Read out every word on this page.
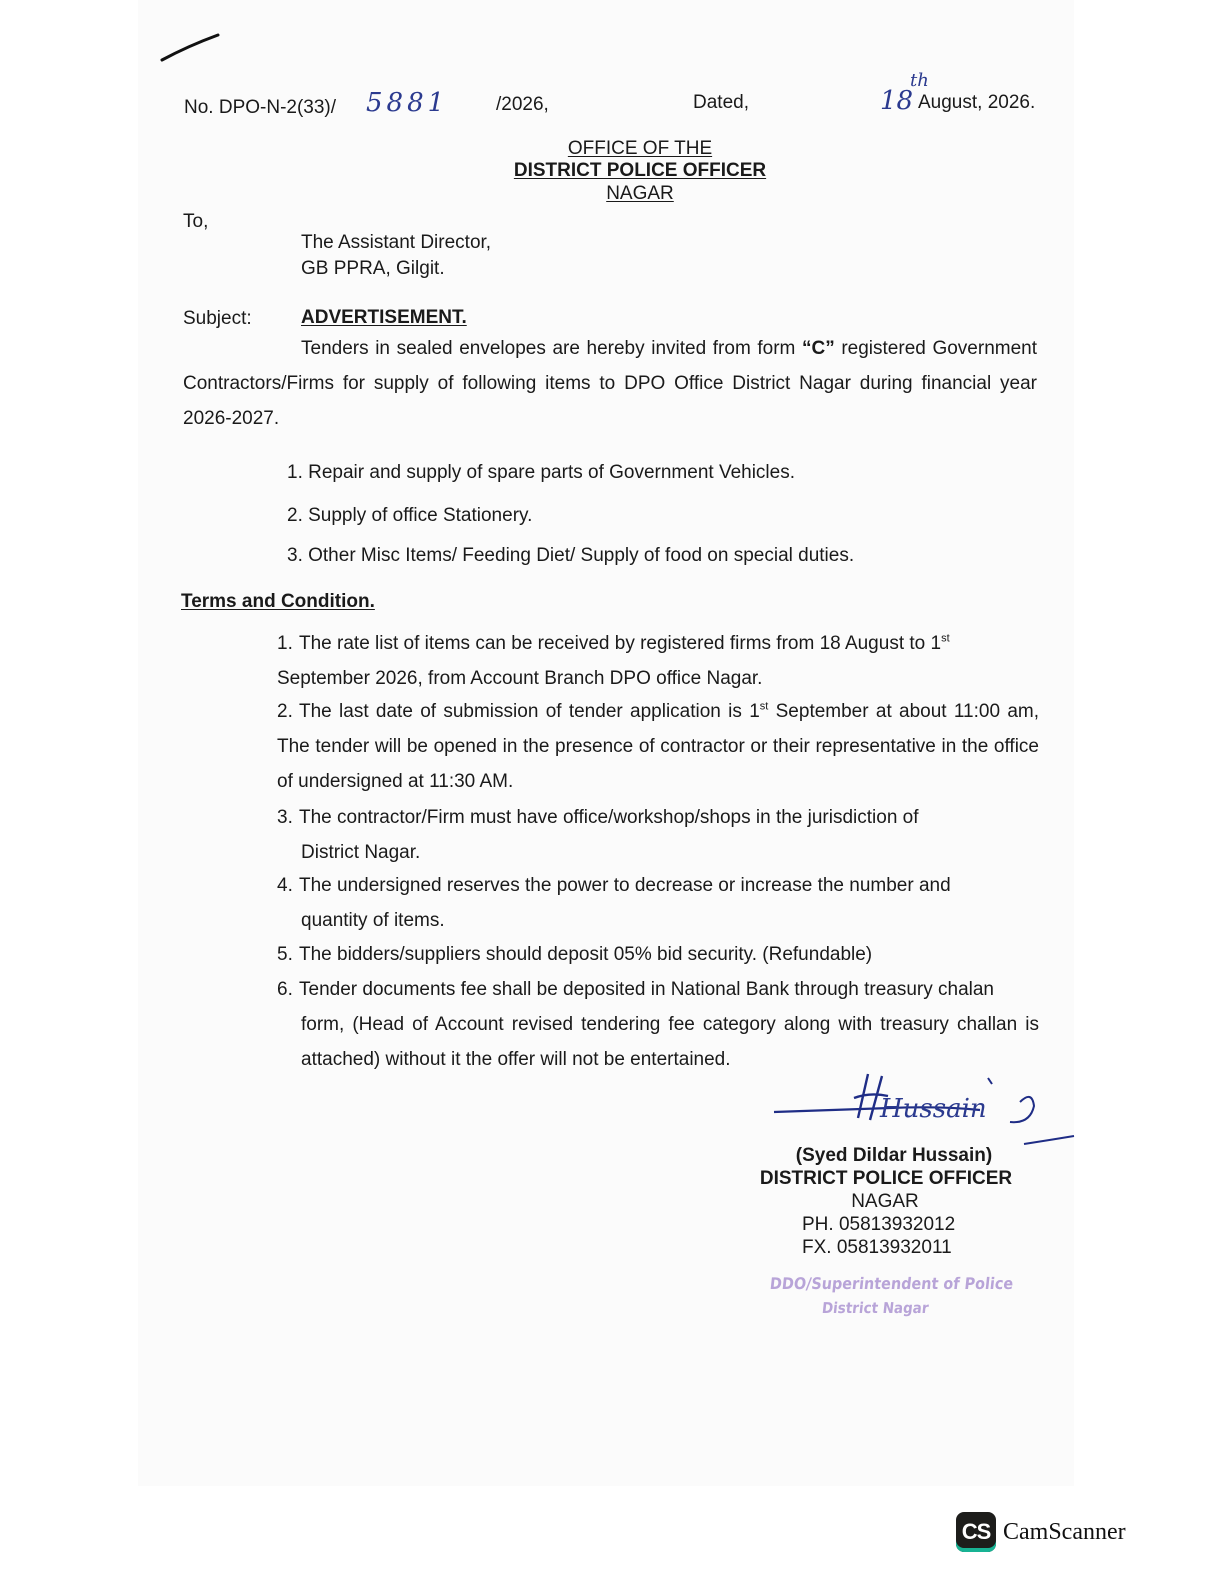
No. DPO-N-2(33)/ 5881	/2026,	Dated,	18
th
August, 2026.
OFFICE OF THE
DISTRICT POLICE OFFICER
NAGAR
To,
The Assistant Director,
GB PPRA, Gilgit.
Subject:	ADVERTISEMENT.
Tenders in sealed envelopes are hereby invited from form “C” registered Government Contractors/Firms for supply of following items to DPO Office District Nagar during financial year 2026-2027.
1. Repair and supply of spare parts of Government Vehicles.
2. Supply of office Stationery.
3. Other Misc Items/ Feeding Diet/ Supply of food on special duties.
Terms and Condition.
1. The rate list of items can be received by registered firms from 18 August to 1st
September 2026, from Account Branch DPO office Nagar.
2. The last date of submission of tender application is 1st September at about 11:00 am, The tender will be opened in the presence of contractor or their representative in the office of undersigned at 11:30 AM.
3. The contractor/Firm must have office/workshop/shops in the jurisdiction of
District Nagar.
4. The undersigned reserves the power to decrease or increase the number and
quantity of items.
5. The bidders/suppliers should deposit 05% bid security. (Refundable)
6. Tender documents fee shall be deposited in National Bank through treasury chalan
form, (Head of Account revised tendering fee category along with treasury challan is attached) without it the offer will not be entertained.
Hussain
(Syed Dildar Hussain)
DISTRICT POLICE OFFICER
NAGAR
PH. 05813932012
FX. 05813932011
DDO/Superintendent of Police
District Nagar
CS CamScanner
